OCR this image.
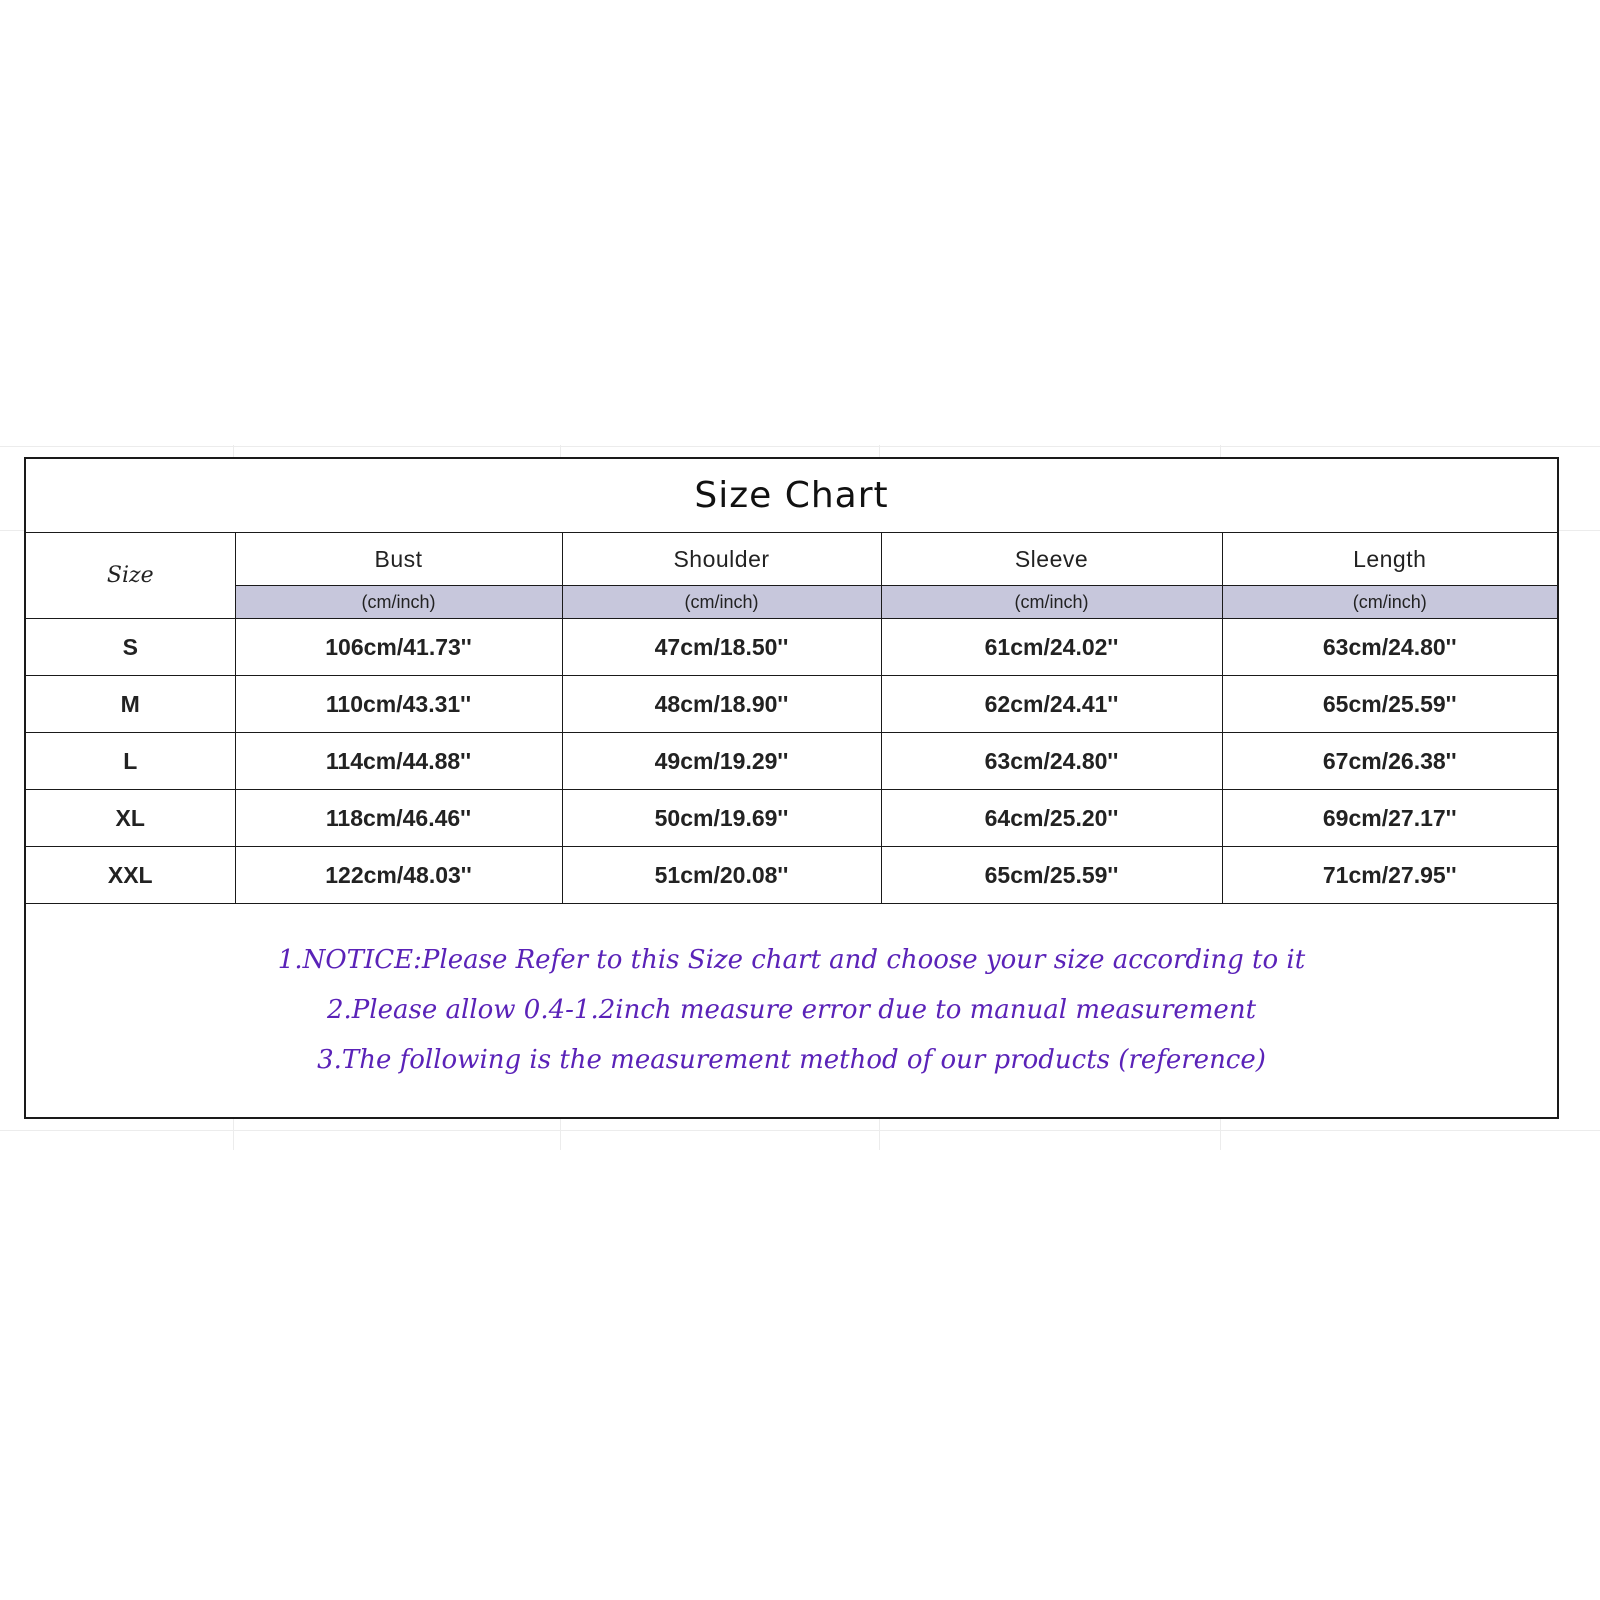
Size Chart
Size	Bust	Shoulder	Sleeve	Length
	(cm/inch)	(cm/inch)	(cm/inch)	(cm/inch)
S	106cm/41.73''	47cm/18.50''	61cm/24.02''	63cm/24.80''
M	110cm/43.31''	48cm/18.90''	62cm/24.41''	65cm/25.59''
L	114cm/44.88''	49cm/19.29''	63cm/24.80''	67cm/26.38''
XL	118cm/46.46''	50cm/19.69''	64cm/25.20''	69cm/27.17''
XXL	122cm/48.03''	51cm/20.08''	65cm/25.59''	71cm/27.95''
1.NOTICE:Please Refer to this Size chart and choose your size according to it
2.Please allow 0.4-1.2inch measure error due to manual measurement
3.The following is the measurement method of our products (reference)
